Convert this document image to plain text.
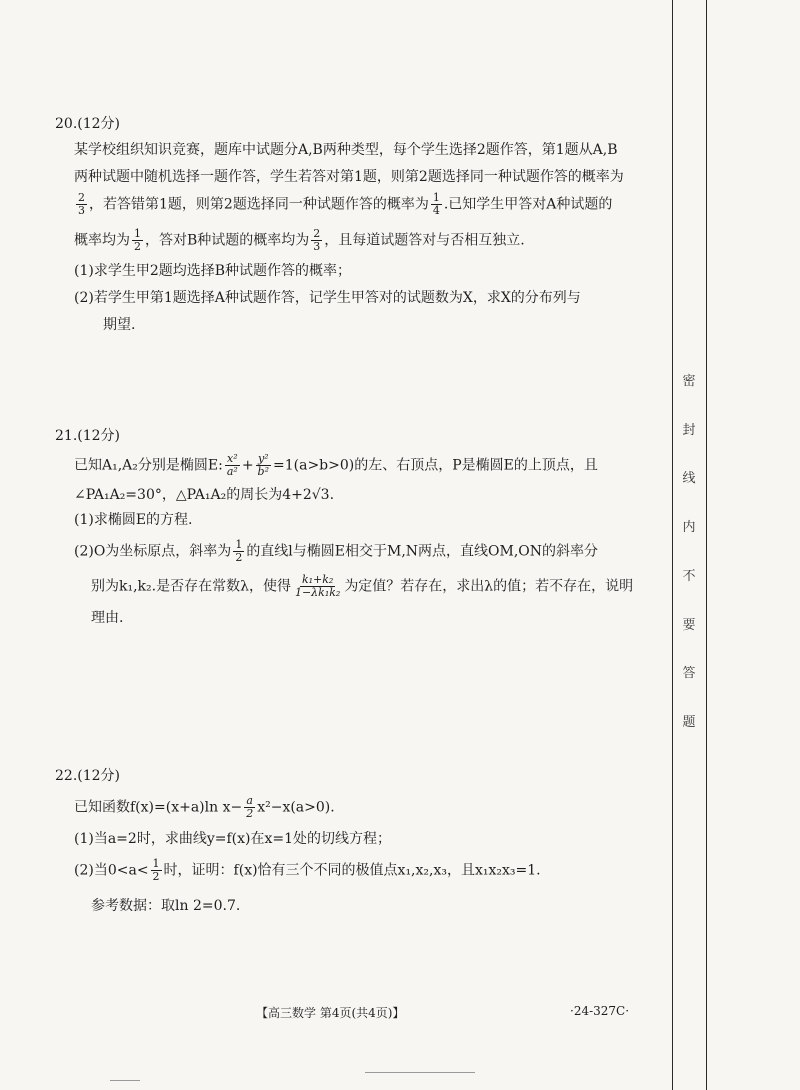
密
封
线
内
不
要
答
题
20.(12分)
某学校组织知识竞赛，题库中试题分A,B两种类型，每个学生选择2题作答，第1题从A,B
两种试题中随机选择一题作答，学生若答对第1题，则第2题选择同一种试题作答的概率为
$\frac{2}{3}$ ，若答错第1题，则第2题选择同一种试题作答的概率为 $\frac{1}{4}$ .已知学生甲答对A种试题的
概率均为 $\frac{1}{2}$ ，答对B种试题的概率均为 $\frac{2}{3}$ ，且每道试题答对与否相互独立.
(1)求学生甲2题均选择B种试题作答的概率；
(2)若学生甲第1题选择A种试题作答，记学生甲答对的试题数为X，求X的分布列与
期望.
21.(12分)
已知A₁,A₂分别是椭圆E: $\frac{\text{x²}}{\text{a²}} + \frac{\text{y²}}{\text{b²}} =1(a>b>0)$的左、右顶点，P是椭圆E的上顶点，且
∠PA₁A₂=30°，△PA₁A₂的周长为4+2√3.
(1)求椭圆E的方程.
(2)O为坐标原点，斜率为 $\frac{1}{2}$ 的直线l与椭圆E相交于M,N两点，直线OM,ON的斜率分
别为k₁,k₂.是否存在常数λ，使得 $\frac{\text{k₁+k₂}}{\text{1−λk₁k₂}}$ 为定值？若存在，求出λ的值；若不存在，说明
理由.
22.(12分)
已知函数f(x)=(x+a)ln $x- \frac{a}{2} x^2-x(a>0)$.
(1)当a=2时，求曲线y=f(x)在x=1处的切线方程；
(2)当$0<a< \frac{1}{2}$ 时，证明：f(x)恰有三个不同的极值点x₁,x₂,x₃，且x₁x₂x₃=1.
参考数据：取ln 2=0.7.
【高三数学 第4页(共4页)】	·24-327C·
